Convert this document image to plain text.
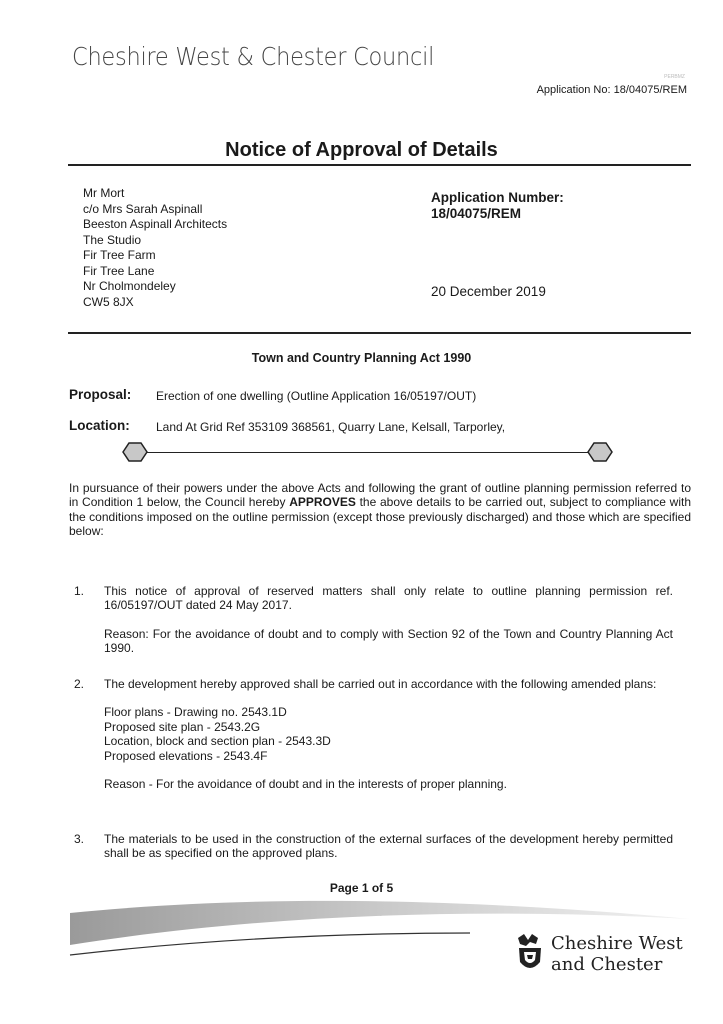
Cheshire West & Chester Council
PERBMZ
Application No: 18/04075/REM
Notice of Approval of Details
Mr Mort
c/o Mrs Sarah Aspinall
Beeston Aspinall Architects
The Studio
Fir Tree Farm
Fir Tree Lane
Nr Cholmondeley
CW5 8JX
Application Number:
18/04075/REM
20 December 2019
Town and Country Planning Act 1990
Proposal: Erection of one dwelling (Outline Application 16/05197/OUT)
Location: Land At Grid Ref 353109 368561, Quarry Lane, Kelsall, Tarporley,
In pursuance of their powers under the above Acts and following the grant of outline planning permission referred to in Condition 1 below, the Council hereby APPROVES the above details to be carried out, subject to compliance with the conditions imposed on the outline permission (except those previously discharged) and those which are specified below:
1. This notice of approval of reserved matters shall only relate to outline planning permission ref. 16/05197/OUT dated 24 May 2017.
Reason: For the avoidance of doubt and to comply with Section 92 of the Town and Country Planning Act 1990.
2. The development hereby approved shall be carried out in accordance with the following amended plans:
Floor plans - Drawing no. 2543.1D
Proposed site plan - 2543.2G
Location, block and section plan - 2543.3D
Proposed elevations - 2543.4F
Reason - For the avoidance of doubt and in the interests of proper planning.
3. The materials to be used in the construction of the external surfaces of the development hereby permitted shall be as specified on the approved plans.
Page 1 of 5
Cheshire West
and Chester
